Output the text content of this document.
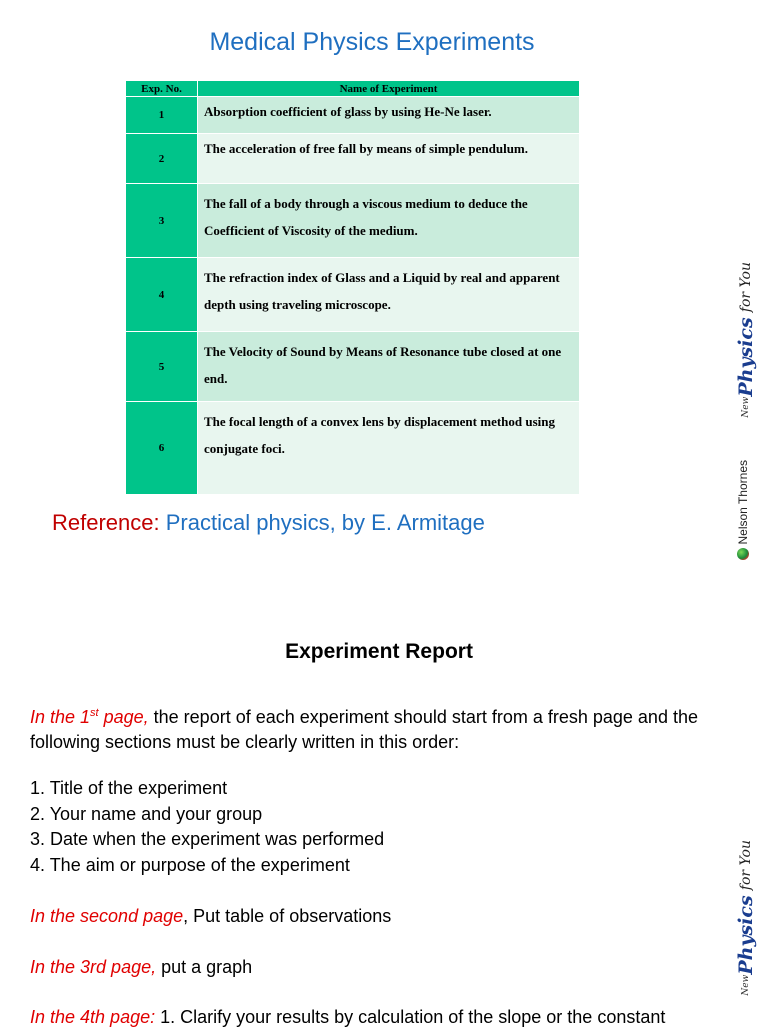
Medical Physics Experiments
Exp. No.	Name of Experiment
1	Absorption coefficient of glass by using He-Ne laser.
2	The acceleration of free fall by means of simple pendulum.
3	The fall of a body through a viscous medium to deduce the Coefficient of Viscosity of the medium.
4	The refraction index of Glass and a Liquid by real and apparent depth using traveling microscope.
5	The Velocity of Sound by Means of Resonance tube closed at one end.
6	The focal length of a convex lens by displacement method using conjugate foci.
Reference: Practical physics, by E. Armitage
NewPhysics for You
Nelson Thornes
NewPhysics for You
Experiment Report
In the 1st page, the report of each experiment should start from a fresh page and the following sections must be clearly written in this order:
1. Title of the experiment
2. Your name and your group
3. Date when the experiment was performed
4. The aim or purpose of the experiment
In the second page, Put table of observations
In the 3rd page, put a graph
In the 4th page: 1. Clarify your results by calculation of the slope or the constant
